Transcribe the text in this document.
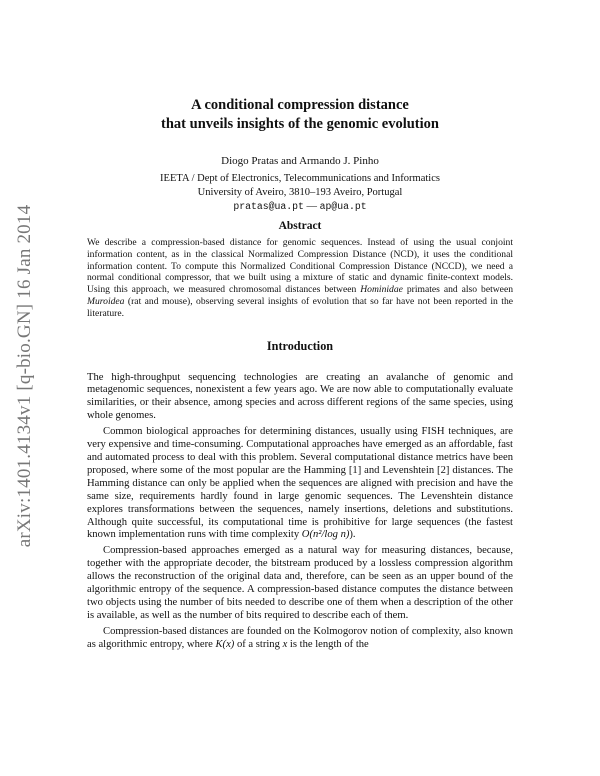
arXiv:1401.4134v1 [q-bio.GN] 16 Jan 2014
A conditional compression distance
that unveils insights of the genomic evolution
Diogo Pratas and Armando J. Pinho
IEETA / Dept of Electronics, Telecommunications and Informatics
University of Aveiro, 3810–193 Aveiro, Portugal
pratas@ua.pt — ap@ua.pt
Abstract
We describe a compression-based distance for genomic sequences. Instead of using the usual conjoint information content, as in the classical Normalized Compression Distance (NCD), it uses the conditional information content. To compute this Normalized Conditional Compression Distance (NCCD), we need a normal conditional compressor, that we built using a mixture of static and dynamic finite-context models. Using this approach, we measured chromosomal distances between Hominidae primates and also between Muroidea (rat and mouse), observing several insights of evolution that so far have not been reported in the literature.
Introduction

The high-throughput sequencing technologies are creating an avalanche of genomic and metagenomic sequences, nonexistent a few years ago. We are now able to computationally evaluate similarities, or their absence, among species and across different regions of the same species, using whole genomes.

Common biological approaches for determining distances, usually using FISH techniques, are very expensive and time-consuming. Computational approaches have emerged as an affordable, fast and automated process to deal with this problem. Several computational distance metrics have been proposed, where some of the most popular are the Hamming [1] and Levenshtein [2] distances. The Hamming distance can only be applied when the sequences are aligned with precision and have the same size, requirements hardly found in large genomic sequences. The Levenshtein distance explores transformations between the sequences, namely insertions, deletions and substitutions. Although quite successful, its computational time is prohibitive for large sequences (the fastest known implementation runs with time complexity O(n²/log n)).

Compression-based approaches emerged as a natural way for measuring distances, because, together with the appropriate decoder, the bitstream produced by a lossless compression algorithm allows the reconstruction of the original data and, therefore, can be seen as an upper bound of the algorithmic entropy of the sequence. A compression-based distance computes the distance between two objects using the number of bits needed to describe one of them when a description of the other is available, as well as the number of bits required to describe each of them.

Compression-based distances are founded on the Kolmogorov notion of complexity, also known as algorithmic entropy, where K(x) of a string x is the length of the
